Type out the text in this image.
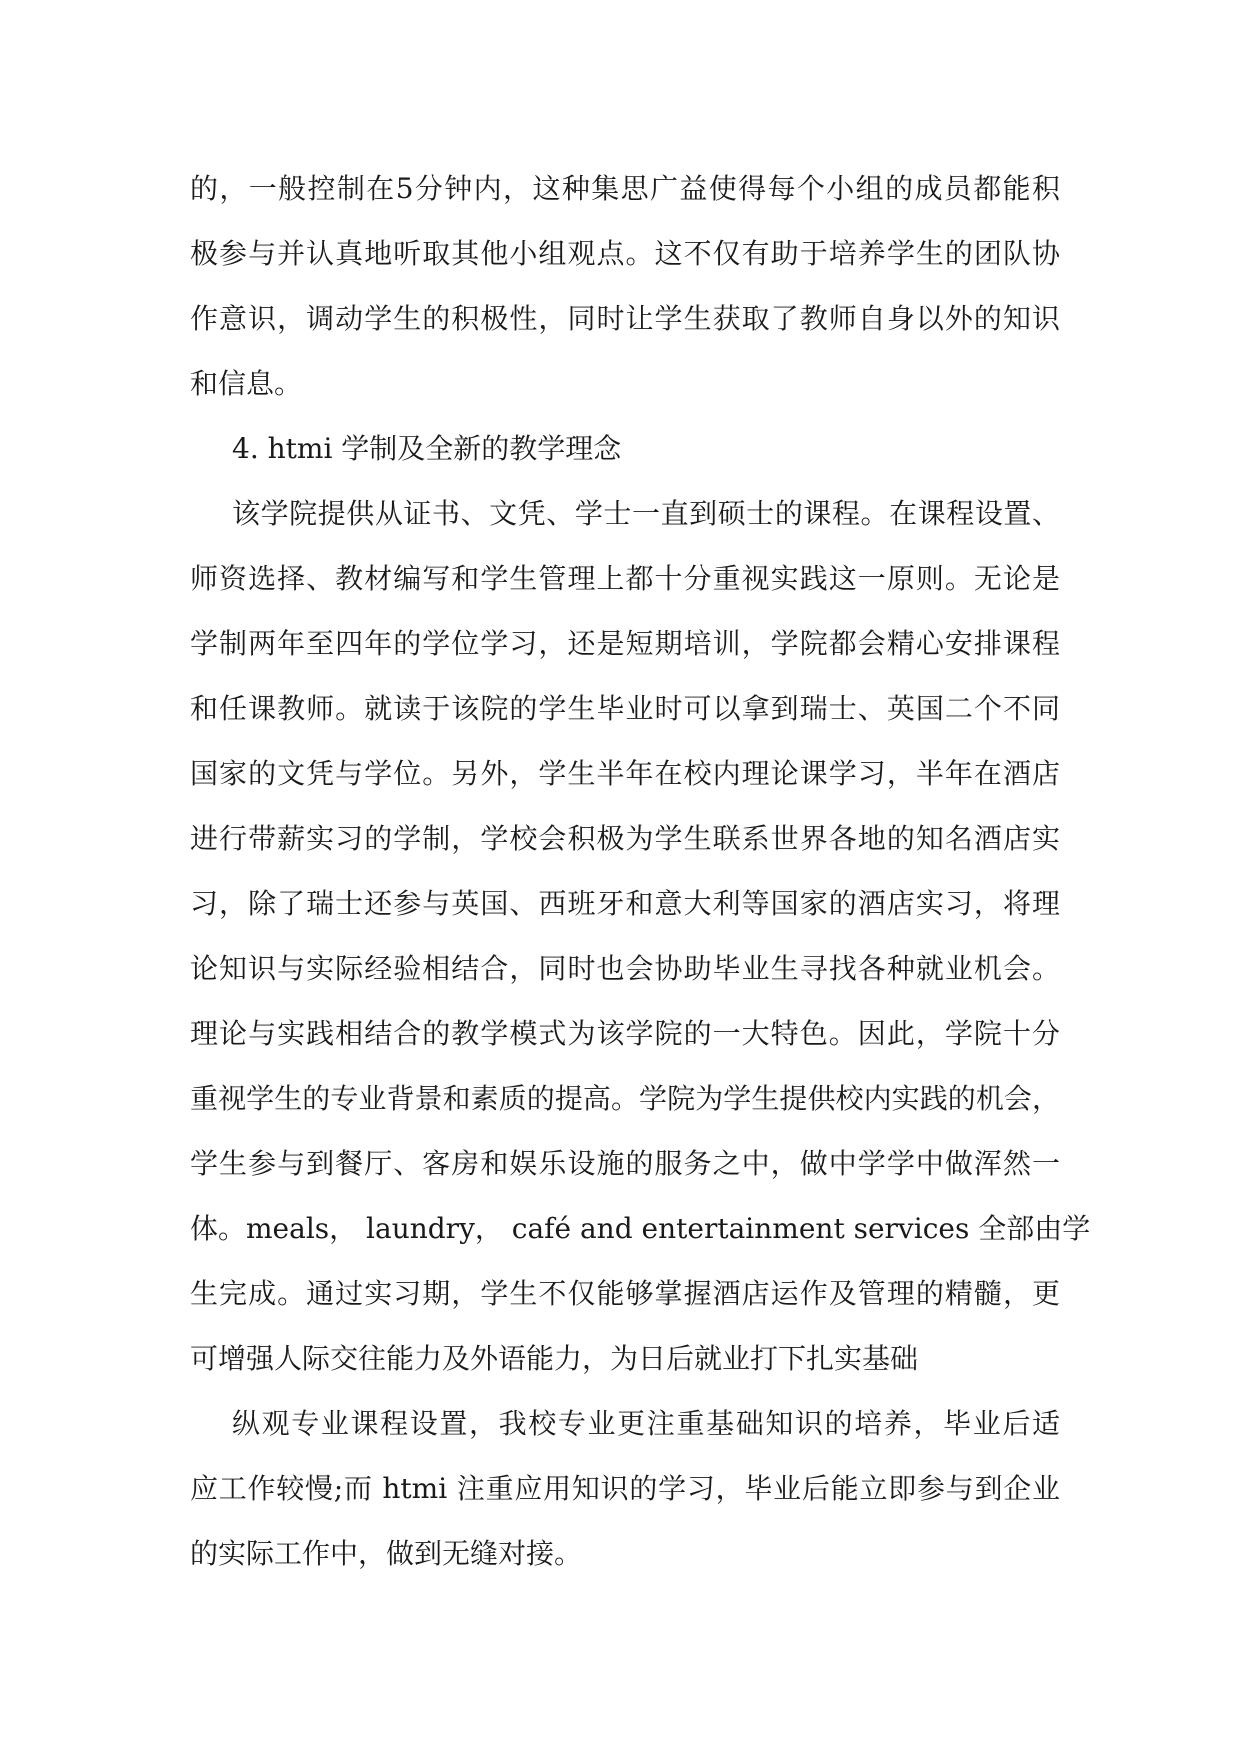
的，一般控制在5分钟内，这种集思广益使得每个小组的成员都能积
极参与并认真地听取其他小组观点。这不仅有助于培养学生的团队协
作意识，调动学生的积极性，同时让学生获取了教师自身以外的知识
和信息。
4. htmi 学制及全新的教学理念
该学院提供从证书、文凭、学士一直到硕士的课程。在课程设置、
师资选择、教材编写和学生管理上都十分重视实践这一原则。无论是
学制两年至四年的学位学习，还是短期培训，学院都会精心安排课程
和任课教师。就读于该院的学生毕业时可以拿到瑞士、英国二个不同
国家的文凭与学位。另外，学生半年在校内理论课学习，半年在酒店
进行带薪实习的学制，学校会积极为学生联系世界各地的知名酒店实
习，除了瑞士还参与英国、西班牙和意大利等国家的酒店实习，将理
论知识与实际经验相结合，同时也会协助毕业生寻找各种就业机会。
理论与实践相结合的教学模式为该学院的一大特色。因此，学院十分
重视学生的专业背景和素质的提高。学院为学生提供校内实践的机会，
学生参与到餐厅、客房和娱乐设施的服务之中，做中学学中做浑然一
体。meals， laundry， café and entertainment services 全部由学
生完成。通过实习期，学生不仅能够掌握酒店运作及管理的精髓，更
可增强人际交往能力及外语能力，为日后就业打下扎实基础
纵观专业课程设置，我校专业更注重基础知识的培养，毕业后适
应工作较慢;而 htmi 注重应用知识的学习，毕业后能立即参与到企业
的实际工作中，做到无缝对接。
